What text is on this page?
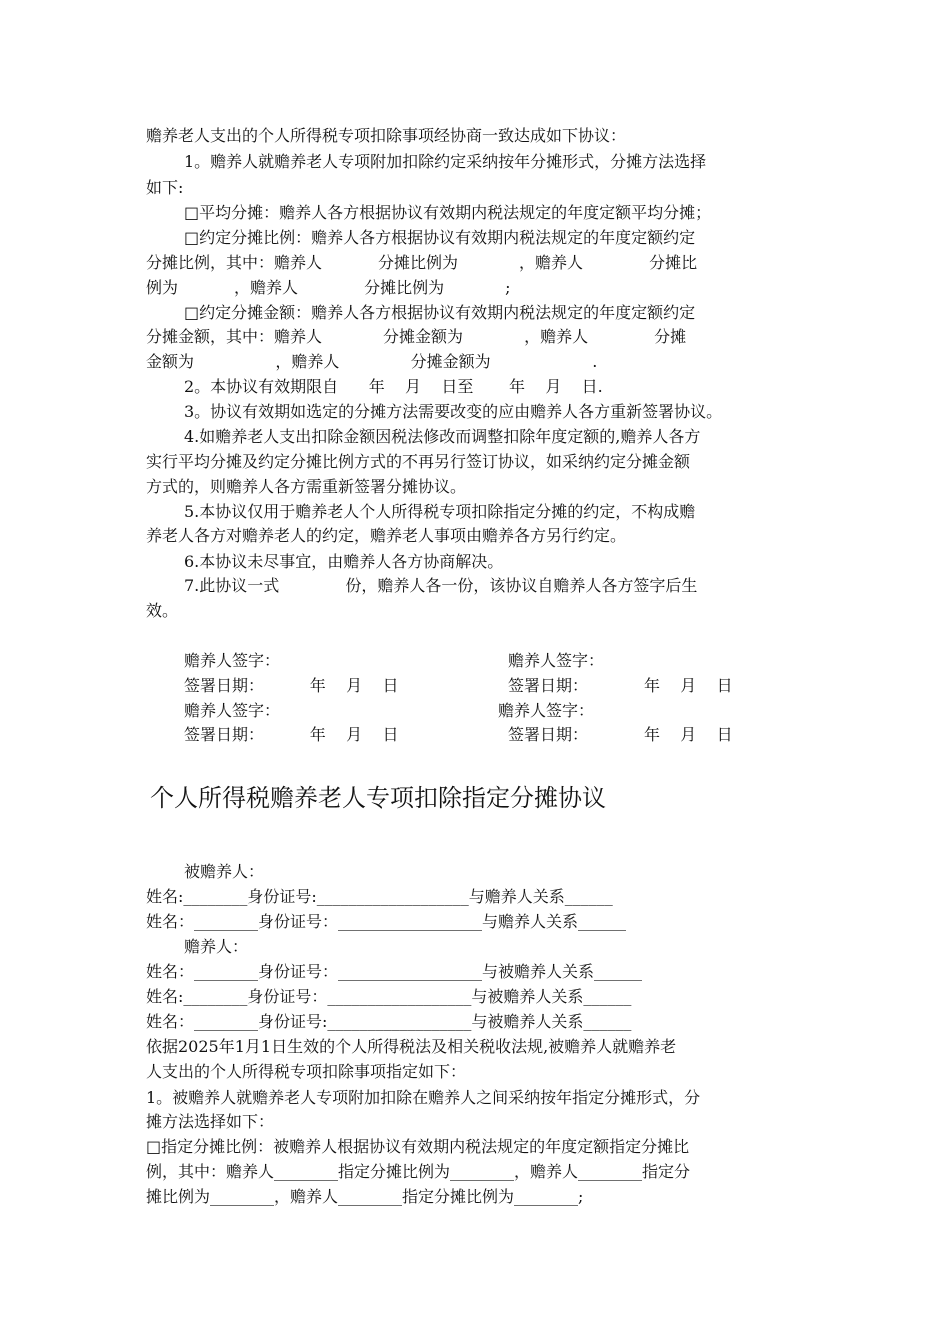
赡养老人支出的个人所得税专项扣除事项经协商一致达成如下协议：
1。赡养人就赡养老人专项附加扣除约定采纳按年分摊形式，分摊方法选择
如下:
□平均分摊：赡养人各方根据协议有效期内税法规定的年度定额平均分摊；
□约定分摊比例：赡养人各方根据协议有效期内税法规定的年度定额约定
分摊比例，其中：赡养人           分摊比例为            ，赡养人             分摊比
例为           ，赡养人             分摊比例为            ;
□约定分摊金额：赡养人各方根据协议有效期内税法规定的年度定额约定
分摊金额，其中：赡养人            分摊金额为            ，赡养人             分摊
金额为                ，赡养人              分摊金额为                    .
2。本协议有效期限自      年    月    日至       年    月    日.
3。协议有效期如选定的分摊方法需要改变的应由赡养人各方重新签署协议。
4.如赡养老人支出扣除金额因税法修改而调整扣除年度定额的,赡养人各方
实行平均分摊及约定分摊比例方式的不再另行签订协议，如采纳约定分摊金额
方式的，则赡养人各方需重新签署分摊协议。
5.本协议仅用于赡养老人个人所得税专项扣除指定分摊的约定，不构成赡
养老人各方对赡养老人的约定，赡养老人事项由赡养各方另行约定。
6.本协议未尽事宜，由赡养人各方协商解决。
7.此协议一式             份，赡养人各一份，该协议自赡养人各方签字后生
效。
赡养人签字：	赡养人签字：
签署日期：         年    月    日	签署日期：           年    月    日
赡养人签字：	赡养人签字：
签署日期：         年    月    日	签署日期：           年    月    日
个人所得税赡养老人专项扣除指定分摊协议
被赡养人：
姓名:________身份证号:___________________与赡养人关系______
姓名：________身份证号：__________________与赡养人关系______
赡养人：
姓名：________身份证号：__________________与被赡养人关系______
姓名:________身份证号：__________________与被赡养人关系______
姓名：________身份证号:__________________与被赡养人关系______
依据2025年1月1日生效的个人所得税法及相关税收法规,被赡养人就赡养老
人支出的个人所得税专项扣除事项指定如下：
1。被赡养人就赡养老人专项附加扣除在赡养人之间采纳按年指定分摊形式，分
摊方法选择如下：
□指定分摊比例：被赡养人根据协议有效期内税法规定的年度定额指定分摊比
例，其中：赡养人________指定分摊比例为________，赡养人________指定分
摊比例为________，赡养人________指定分摊比例为________;
